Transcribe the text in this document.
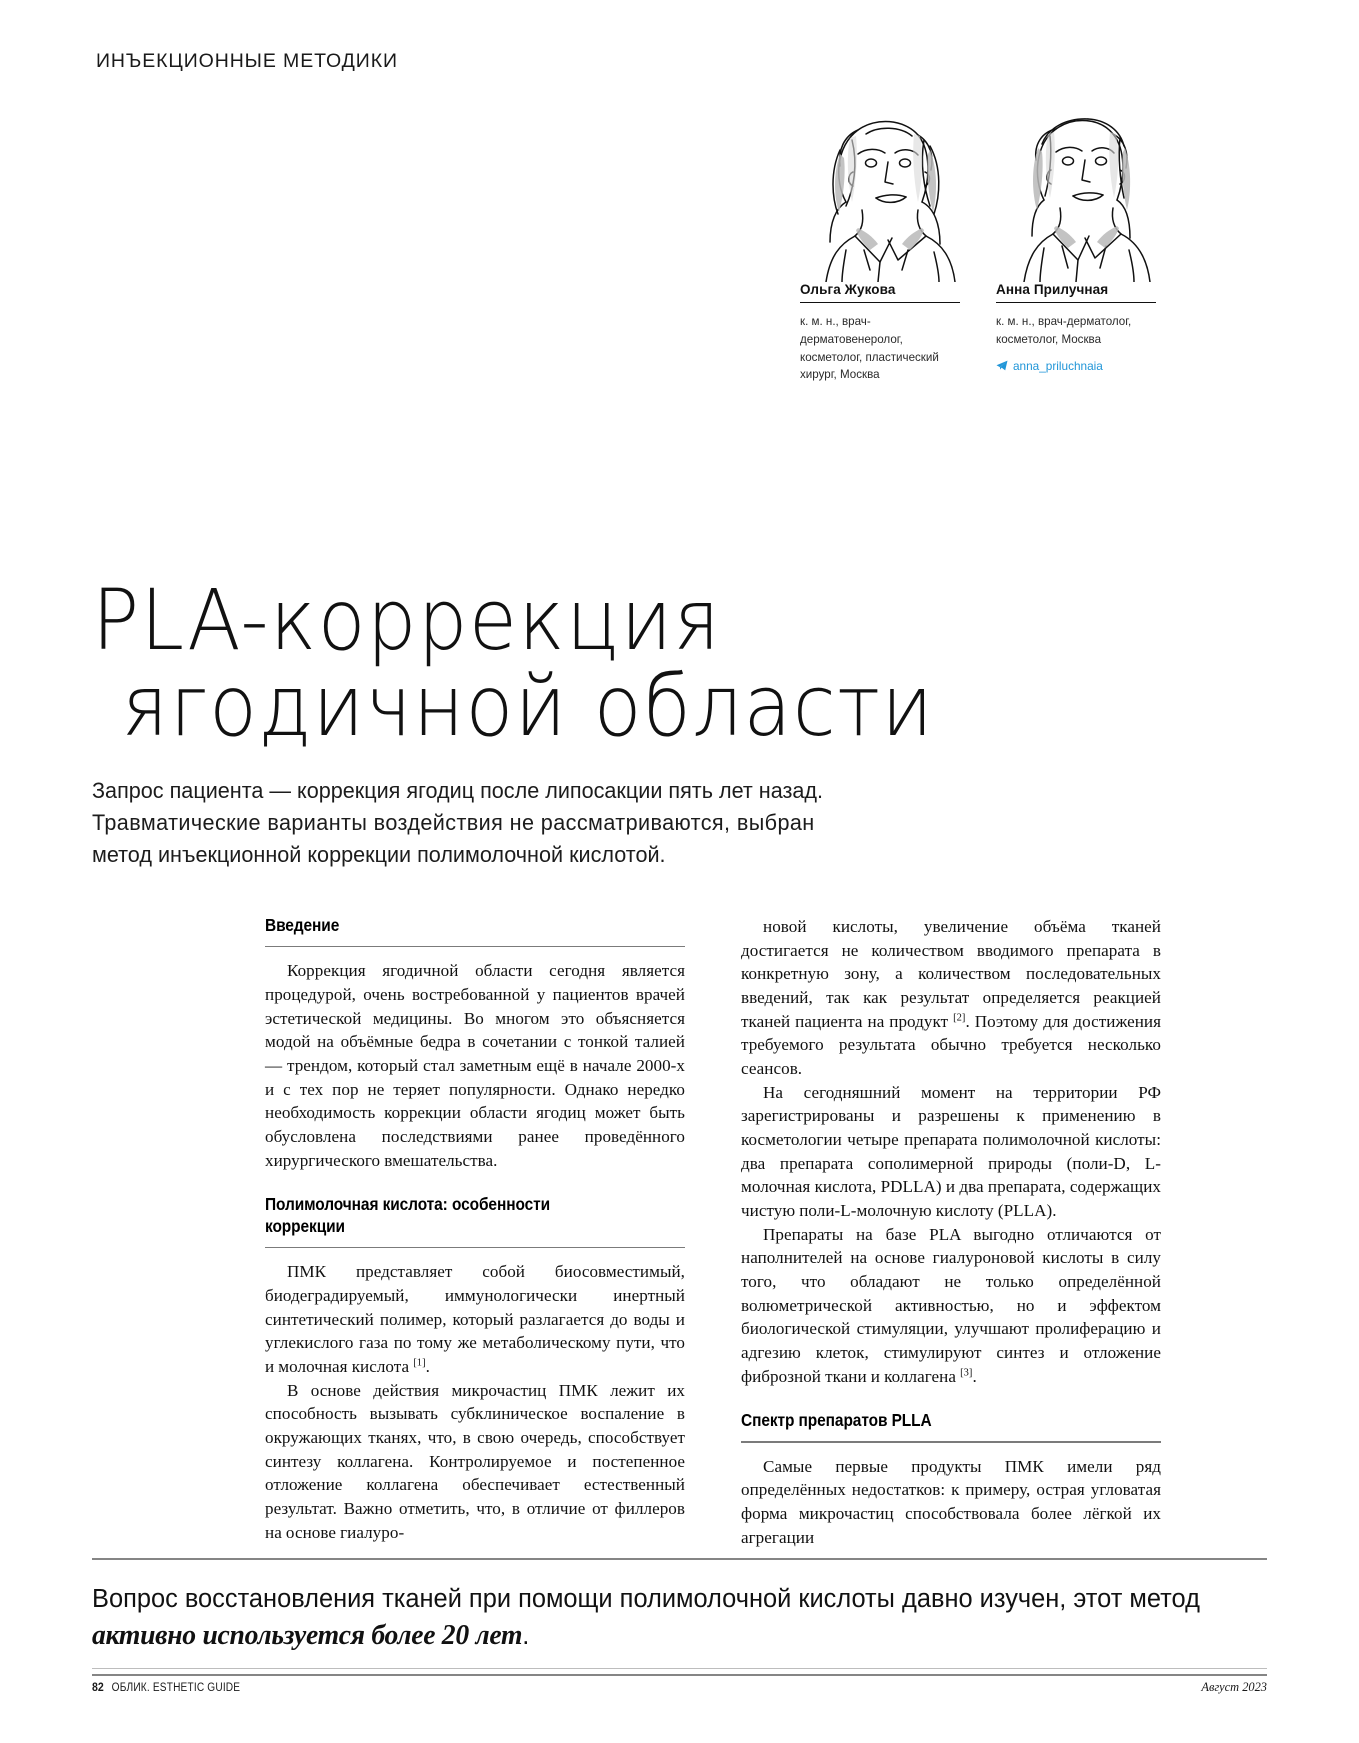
ИНЪЕКЦИОННЫЕ МЕТОДИКИ
Ольга Жукова
к. м. н., врач-дерматовенеролог, косметолог, пластический хирург, Москва
Анна Прилучная
к. м. н., врач-дерматолог, косметолог, Москва
anna_priluchnaia
PLA-коррекция
ягодичной области
Запрос пациента — коррекция ягодиц после липосакции пять лет назад.
Травматические варианты воздействия не рассматриваются, выбран
метод инъекционной коррекции полимолочной кислотой.
Введение

Коррекция ягодичной области сегодня является процедурой, очень востребованной у пациентов врачей эстетической медицины. Во многом это объясняется модой на объёмные бедра в сочетании с тонкой талией — трендом, который стал заметным ещё в начале 2000-х и с тех пор не теряет популярности. Однако нередко необходимость коррекции области ягодиц может быть обусловлена последствиями ранее проведённого хирургического вмешательства.

Полимолочная кислота: особенности
коррекции

ПМК представляет собой биосовместимый, биодеградируемый, иммунологически инертный синтетический полимер, который разлагается до воды и углекислого газа по тому же метаболическому пути, что и молочная кислота [1].

В основе действия микрочастиц ПМК лежит их способность вызывать субклиническое воспаление в окружающих тканях, что, в свою очередь, способствует синтезу коллагена. Контролируемое и постепенное отложение коллагена обеспечивает естественный результат. Важно отметить, что, в отличие от филлеров на основе гиалуро-

новой кислоты, увеличение объёма тканей достигается не количеством вводимого препарата в конкретную зону, а количеством последовательных введений, так как результат определяется реакцией тканей пациента на продукт [2]. Поэтому для достижения требуемого результата обычно требуется несколько сеансов.

На сегодняшний момент на территории РФ зарегистрированы и разрешены к применению в косметологии четыре препарата полимолочной кислоты: два препарата сополимерной природы (поли-D, L-молочная кислота, PDLLA) и два препарата, содержащих чистую поли-L-молочную кислоту (PLLA).

Препараты на базе PLA выгодно отличаются от наполнителей на основе гиалуроновой кислоты в силу того, что обладают не только определённой волюметрической активностью, но и эффектом биологической стимуляции, улучшают пролиферацию и адгезию клеток, стимулируют синтез и отложение фиброзной ткани и коллагена [3].

Спектр препаратов PLLA

Самые первые продукты ПМК имели ряд определённых недостатков: к примеру, острая угловатая форма микрочастиц способствовала более лёгкой их агрегации

Вопрос восстановления тканей при помощи полимолочной кислоты давно изучен, этот метод активно используется более 20 лет.
82 ОБЛИК. ESTHETIC GUIDE	Август 2023
